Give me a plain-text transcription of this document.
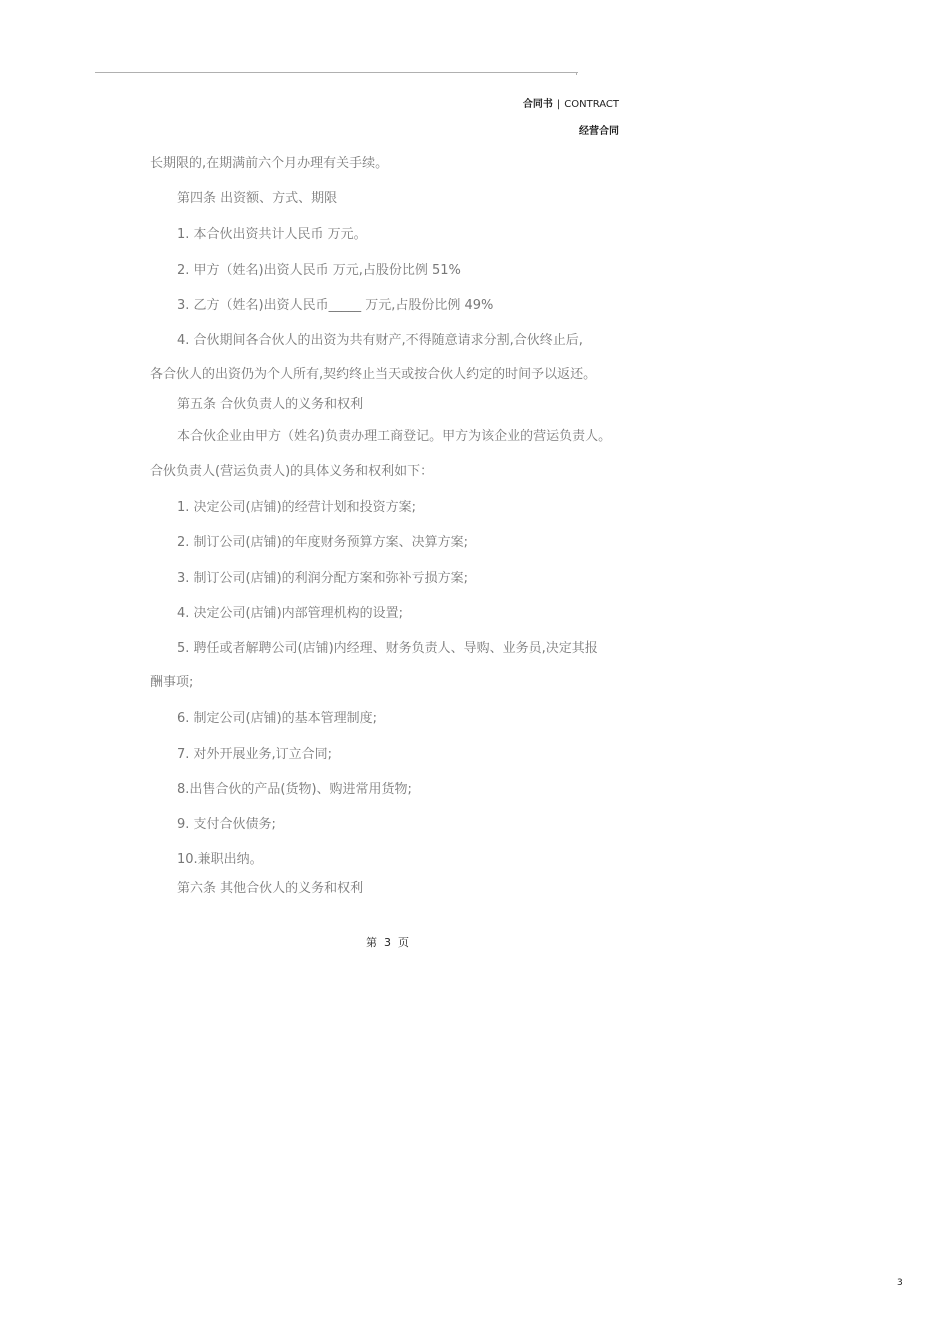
合同书 | CONTRACT
经营合同
长期限的,在期满前六个月办理有关手续。
第四条 出资额、方式、期限
1. 本合伙出资共计人民币 万元。
2. 甲方（姓名)出资人民币 万元,占股份比例 51%
3. 乙方（姓名)出资人民币_____ 万元,占股份比例 49%
4. 合伙期间各合伙人的出资为共有财产,不得随意请求分割,合伙终止后,
各合伙人的出资仍为个人所有,契约终止当天或按合伙人约定的时间予以返还。
第五条 合伙负责人的义务和权利
本合伙企业由甲方（姓名)负责办理工商登记。甲方为该企业的营运负责人。
合伙负责人(营运负责人)的具体义务和权利如下：
1. 决定公司(店铺)的经营计划和投资方案;
2. 制订公司(店铺)的年度财务预算方案、决算方案;
3. 制订公司(店铺)的利润分配方案和弥补亏损方案;
4. 决定公司(店铺)内部管理机构的设置;
5. 聘任或者解聘公司(店铺)内经理、财务负责人、导购、业务员,决定其报
酬事项;
6. 制定公司(店铺)的基本管理制度;
7. 对外开展业务,订立合同;
8.出售合伙的产品(货物)、购进常用货物;
9. 支付合伙债务;
10.兼职出纳。
第六条 其他合伙人的义务和权利
第  3  页
3
